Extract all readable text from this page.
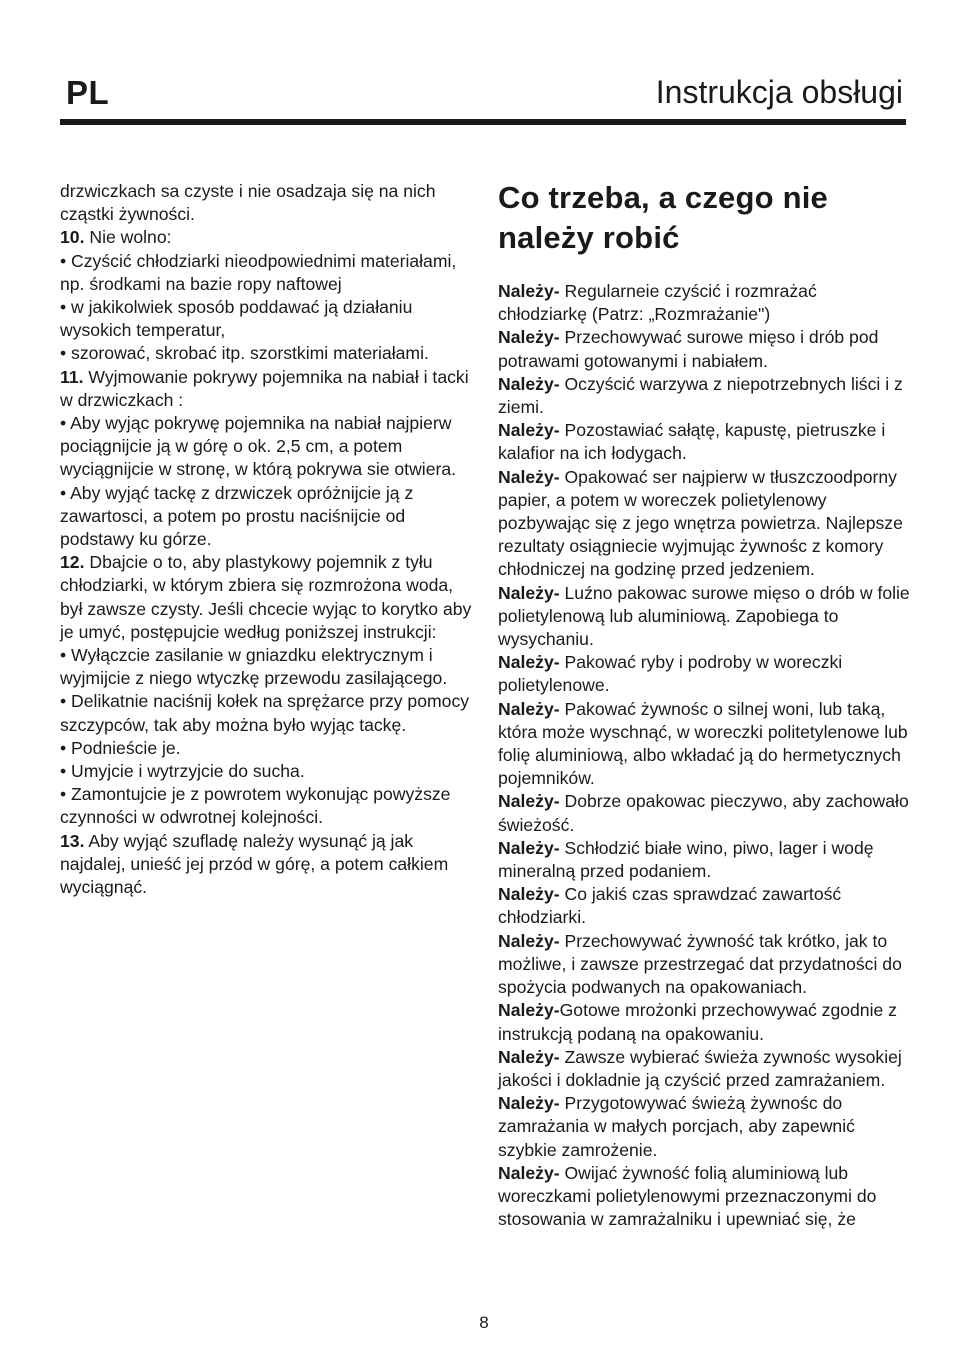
PL	Instrukcja obsługi

drzwiczkach sa czyste i nie osadzaja się na nich cząstki żywności.

10. Nie wolno:

• Czyścić chłodziarki nieodpowiednimi materiałami, np. środkami na bazie ropy naftowej

• w jakikolwiek sposób poddawać ją działaniu wysokich temperatur,

• szorować, skrobać itp. szorstkimi materiałami.

11. Wyjmowanie pokrywy pojemnika na nabiał i tacki w drzwiczkach :

• Aby wyjąc pokrywę pojemnika na nabiał najpierw pociągnijcie ją w górę o ok. 2,5 cm, a potem wyciągnijcie w stronę, w którą pokrywa sie otwiera.

• Aby wyjąć tackę z drzwiczek opróżnijcie ją z zawartosci, a potem po prostu naciśnijcie od podstawy ku górze.

12. Dbajcie o to, aby plastykowy pojemnik z tyłu chłodziarki, w którym zbiera się rozmrożona woda, był zawsze czysty. Jeśli chcecie wyjąc to korytko aby je umyć, postępujcie według poniższej instrukcji:

• Wyłączcie zasilanie w gniazdku elektrycznym i wyjmijcie z niego wtyczkę przewodu zasilającego.

• Delikatnie naciśnij kołek na sprężarce przy pomocy szczypców, tak aby można było wyjąc tackę.

• Podnieście je.

• Umyjcie i wytrzyjcie do sucha.

• Zamontujcie je z powrotem wykonując powyższe czynności w odwrotnej kolejności.

13. Aby wyjąć szufladę należy wysunąć ją jak najdalej, unieść jej przód w górę, a potem całkiem wyciągnąć.

Co trzeba, a czego nie należy robić

Należy- Regularneie czyścić i rozmrażać chłodziarkę (Patrz: „Rozmrażanie")

Należy- Przechowywać surowe mięso i drób pod potrawami gotowanymi i nabiałem.

Należy- Oczyścić warzywa z niepotrzebnych liści i z ziemi.

Należy- Pozostawiać sałątę, kapustę, pietruszke i kalafior na ich łodygach.

Należy- Opakować ser najpierw w tłuszczoodporny papier, a potem w woreczek polietylenowy pozbywając się z jego wnętrza powietrza. Najlepsze rezultaty osiągniecie wyjmując żywnośc z komory chłodniczej na godzinę przed jedzeniem.

Należy- Luźno pakowac surowe mięso o drób w folie polietylenową lub aluminiową. Zapobiega to wysychaniu.

Należy- Pakować ryby i podroby w woreczki polietylenowe.

Należy- Pakować żywnośc o silnej woni, lub taką, która może wyschnąć, w woreczki politetylenowe lub folię aluminiową, albo wkładać ją do hermetycznych pojemników.

Należy- Dobrze opakowac pieczywo, aby zachowało świeżość.

Należy- Schłodzić białe wino, piwo, lager i wodę mineralną przed podaniem.

Należy- Co jakiś czas sprawdzać zawartość chłodziarki.

Należy- Przechowywać żywność tak krótko, jak to możliwe, i zawsze przestrzegać dat przydatności do spożycia podwanych na opakowaniach.

Należy-Gotowe mrożonki przechowywać zgodnie z instrukcją podaną na opakowaniu.

Należy- Zawsze wybierać świeża zywnośc wysokiej jakości i dokladnie ją czyścić przed zamrażaniem.

Należy- Przygotowywać świeżą żywnośc do zamrażania w małych porcjach, aby zapewnić szybkie zamrożenie.

Należy- Owijać żywność folią aluminiową lub woreczkami polietylenowymi przeznaczonymi do stosowania w zamrażalniku i upewniać się, że

8
